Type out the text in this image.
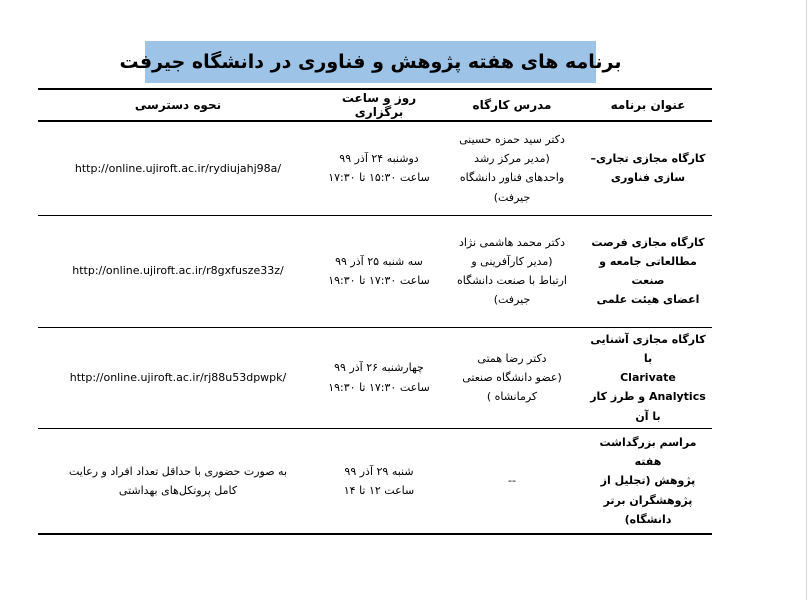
برنامه های هفته پژوهش و فناوری در دانشگاه جیرفت
عنوان برنامه	مدرس کارگاه	روز و ساعت برگزاری	نحوه دسترسی

کارگاه مجازی تجاری–
سازی فناوری	دکتر سید حمزه حسینی
(مدیر مرکز رشد
واحدهای فناور دانشگاه
جیرفت)	دوشنبه ۲۴ آذر ۹۹
ساعت ۱۵:۳۰ تا ۱۷:۳۰	http://online.ujiroft.ac.ir/rydiujahj98a/

کارگاه مجازی فرصت
مطالعاتی جامعه و صنعت
اعضای هیئت علمی	دکتر محمد هاشمی نژاد
(مدیر کارآفرینی و
ارتباط با صنعت دانشگاه
جیرفت)	سه شنبه ۲۵ آذر ۹۹
ساعت ۱۷:۳۰ تا ۱۹:۳۰	http://online.ujiroft.ac.ir/r8gxfusze33z/

کارگاه مجازی آشنایی با
Clarivate
Analytics و طرز کار
با آن	دکتر رضا همتی
(عضو دانشگاه صنعتی
کرمانشاه )	چهارشنبه ۲۶ آذر ۹۹
ساعت ۱۷:۳۰ تا ۱۹:۳۰	http://online.ujiroft.ac.ir/rj88u53dpwpk/

مراسم بزرگداشت هفته
پژوهش (تجلیل از
پژوهشگران برتر
دانشگاه)	--	شنبه ۲۹ آذر ۹۹
ساعت ۱۲ تا ۱۴	به صورت حضوری با حداقل تعداد افراد و رعایت
کامل پروتکل‌های بهداشتی
